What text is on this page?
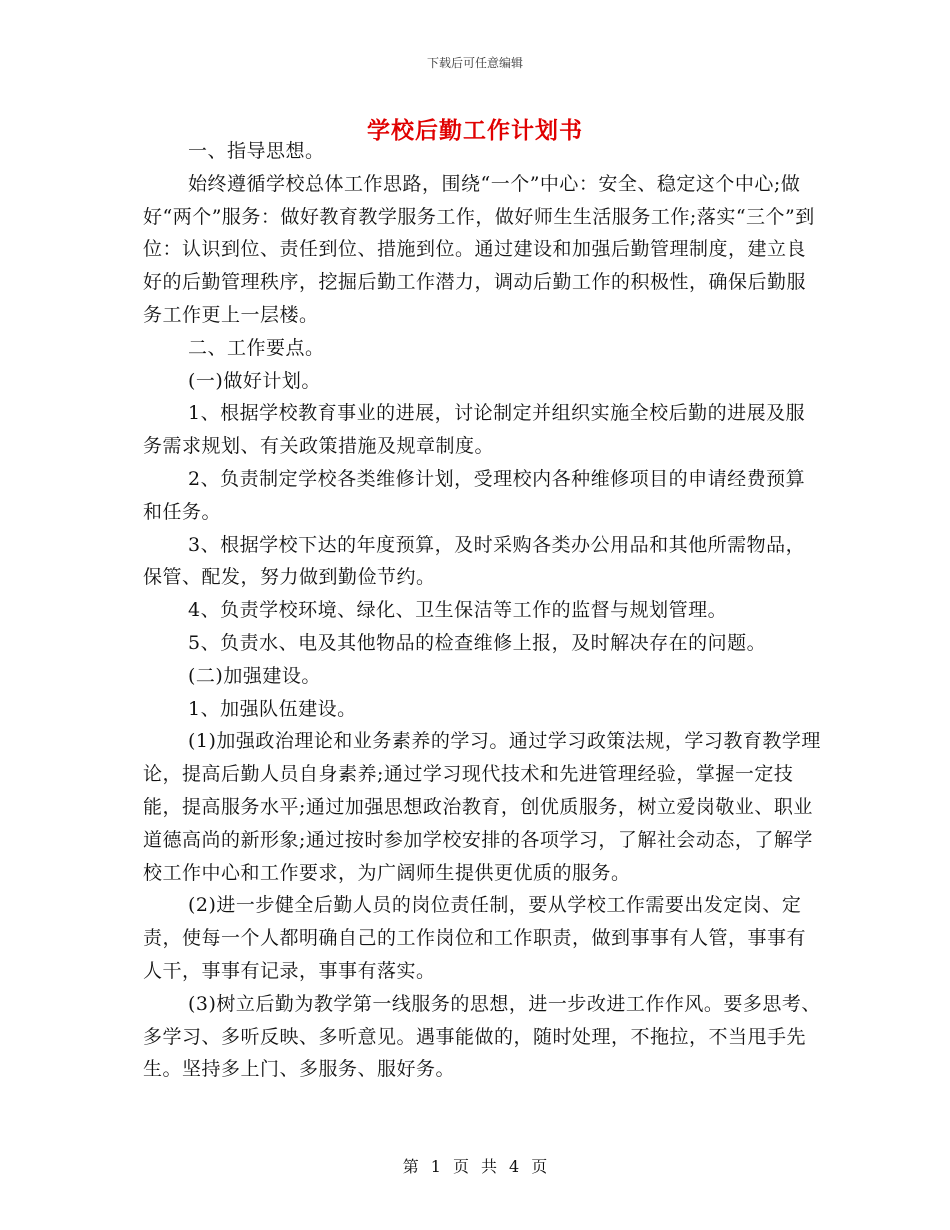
下载后可任意编辑
学校后勤工作计划书

一、指导思想。

始终遵循学校总体工作思路，围绕“一个”中心：安全、稳定这个中心;做好“两个”服务：做好教育教学服务工作，做好师生生活服务工作;落实“三个”到位：认识到位、责任到位、措施到位。通过建设和加强后勤管理制度，建立良好的后勤管理秩序，挖掘后勤工作潜力，调动后勤工作的积极性，确保后勤服务工作更上一层楼。

二、工作要点。

(一)做好计划。

1、根据学校教育事业的进展，讨论制定并组织实施全校后勤的进展及服务需求规划、有关政策措施及规章制度。

2、负责制定学校各类维修计划，受理校内各种维修项目的申请经费预算和任务。

3、根据学校下达的年度预算，及时采购各类办公用品和其他所需物品，保管、配发，努力做到勤俭节约。

4、负责学校环境、绿化、卫生保洁等工作的监督与规划管理。

5、负责水、电及其他物品的检查维修上报，及时解决存在的问题。

(二)加强建设。

1、加强队伍建设。

(1)加强政治理论和业务素养的学习。通过学习政策法规，学习教育教学理论，提高后勤人员自身素养;通过学习现代技术和先进管理经验，掌握一定技能，提高服务水平;通过加强思想政治教育，创优质服务，树立爱岗敬业、职业道德高尚的新形象;通过按时参加学校安排的各项学习，了解社会动态，了解学校工作中心和工作要求，为广阔师生提供更优质的服务。

(2)进一步健全后勤人员的岗位责任制，要从学校工作需要出发定岗、定责，使每一个人都明确自己的工作岗位和工作职责，做到事事有人管，事事有人干，事事有记录，事事有落实。

(3)树立后勤为教学第一线服务的思想，进一步改进工作作风。要多思考、多学习、多听反映、多听意见。遇事能做的，随时处理，不拖拉，不当甩手先生。坚持多上门、多服务、服好务。

第 1 页 共 4 页
